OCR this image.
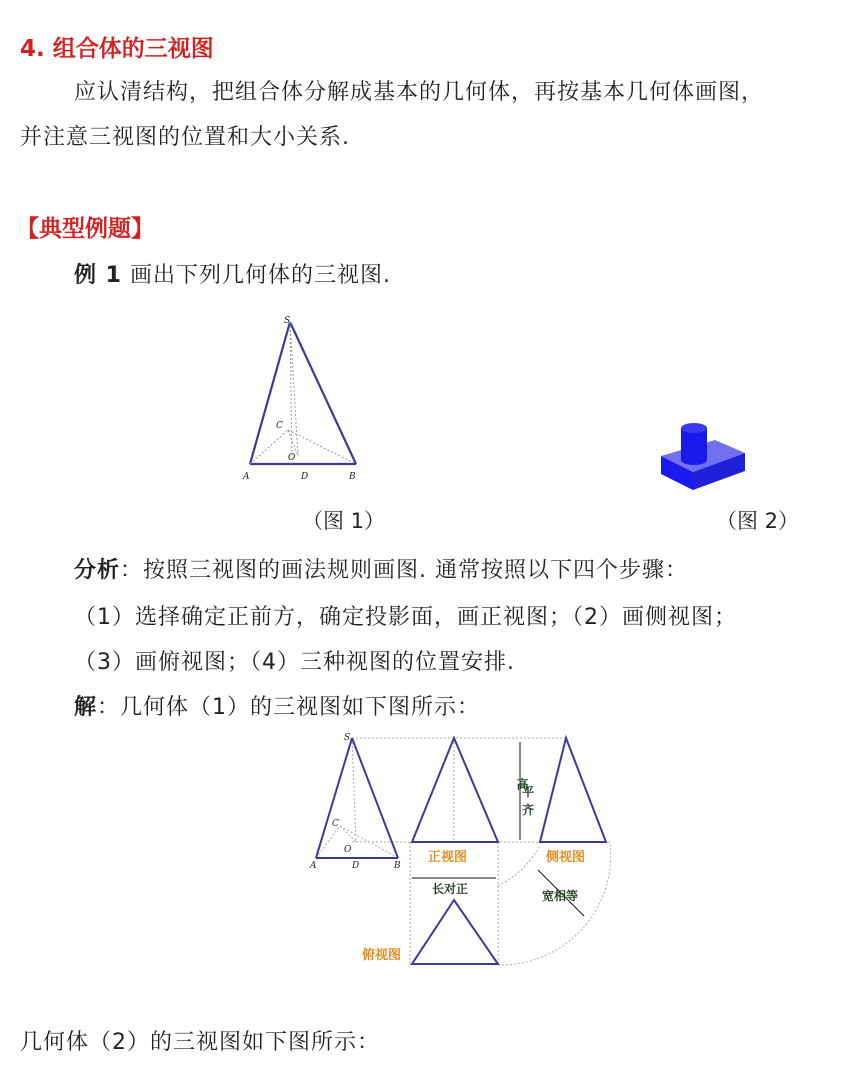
4. 组合体的三视图
应认清结构，把组合体分解成基本的几何体，再按基本几何体画图，
并注意三视图的位置和大小关系.
【典型例题】
例 1 画出下列几何体的三视图.
S
C
O
A	D	B
（图 1）	（图 2）
分析：按照三视图的画法规则画图. 通常按照以下四个步骤：
（1）选择确定正前方，确定投影面，画正视图；（2）画侧视图；
（3）画俯视图；（4）三种视图的位置安排.
解：几何体（1）的三视图如下图所示：
S
C
O
A	D	B
正视图	侧视图
俯视图
长对正	宽相等
高
平
齐
几何体（2）的三视图如下图所示：
